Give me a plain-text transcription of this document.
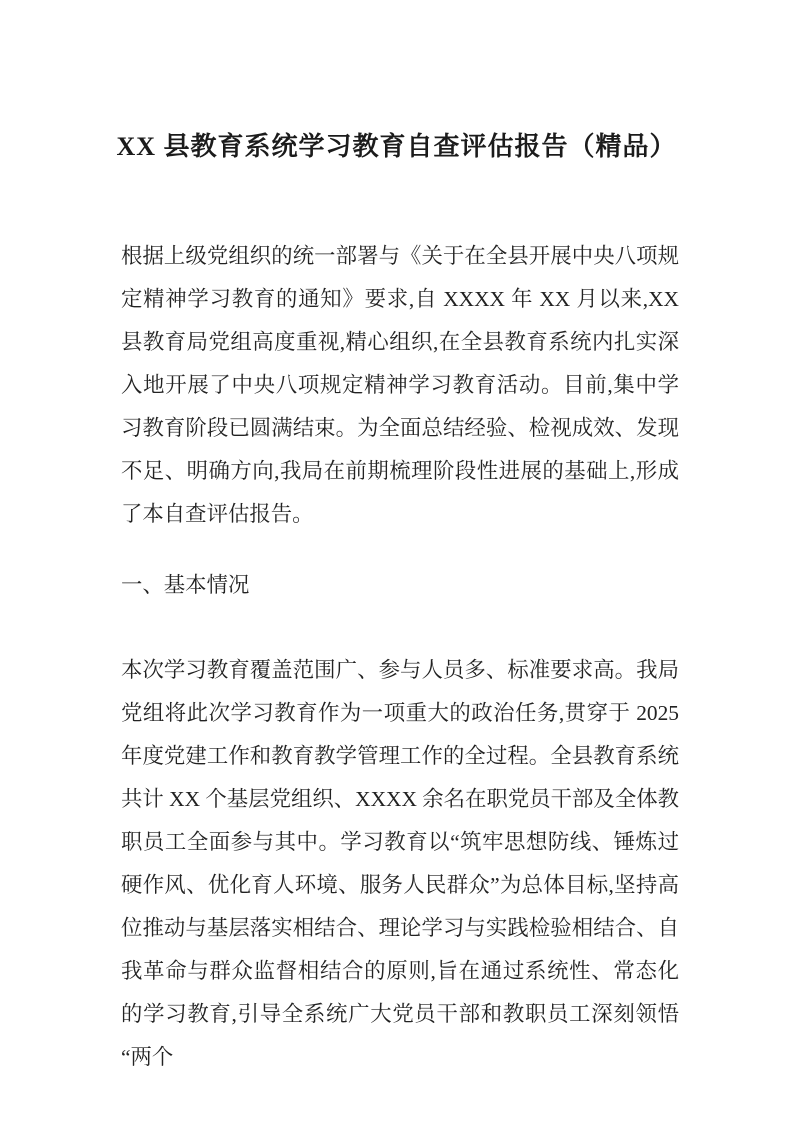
XX 县教育系统学习教育自查评估报告（精品）

根据上级党组织的统一部署与《关于在全县开展中央八项规定精神学习教育的通知》要求,自 XXXX 年 XX 月以来,XX 县教育局党组高度重视,精心组织,在全县教育系统内扎实深入地开展了中央八项规定精神学习教育活动。目前,集中学习教育阶段已圆满结束。为全面总结经验、检视成效、发现不足、明确方向,我局在前期梳理阶段性进展的基础上,形成了本自查评估报告。

一、基本情况

本次学习教育覆盖范围广、参与人员多、标准要求高。我局党组将此次学习教育作为一项重大的政治任务,贯穿于 2025 年度党建工作和教育教学管理工作的全过程。全县教育系统共计 XX 个基层党组织、XXXX 余名在职党员干部及全体教职员工全面参与其中。学习教育以“筑牢思想防线、锤炼过硬作风、优化育人环境、服务人民群众”为总体目标,坚持高位推动与基层落实相结合、理论学习与实践检验相结合、自我革命与群众监督相结合的原则,旨在通过系统性、常态化的学习教育,引导全系统广大党员干部和教职员工深刻领悟“两个
